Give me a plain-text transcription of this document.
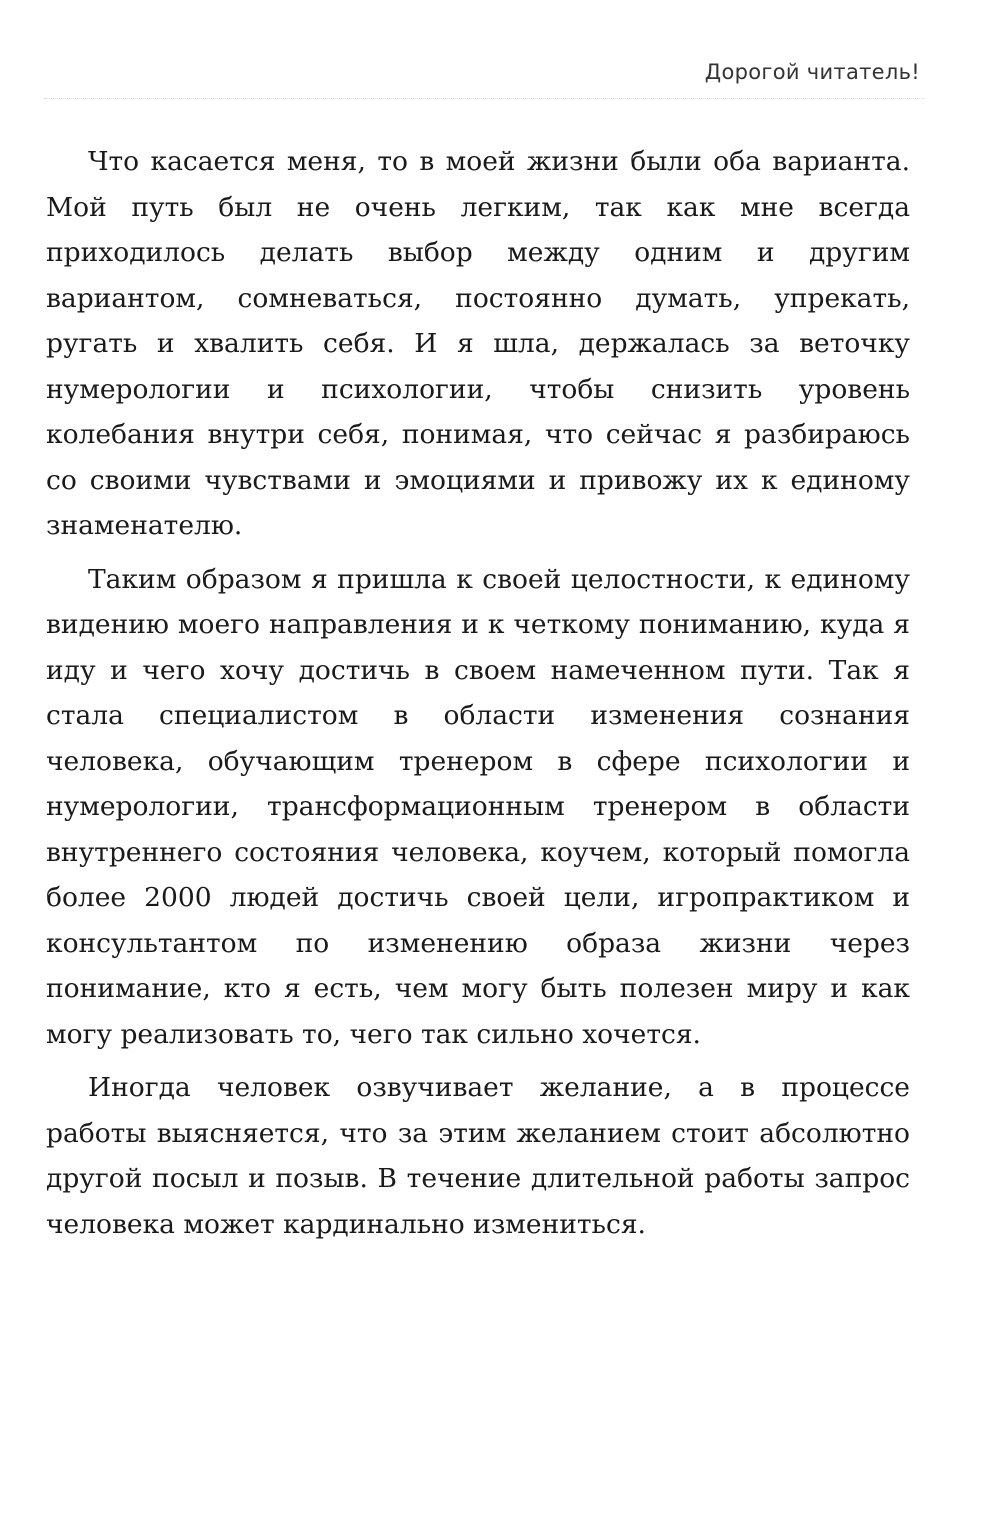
Дорогой читатель!

Что касается меня, то в моей жизни были оба варианта. Мой путь был не очень легким, так как мне всегда приходилось делать выбор между одним и другим вариантом, сомневаться, постоянно думать, упрекать, ругать и хвалить себя. И я шла, держалась за веточку нумерологии и психологии, чтобы снизить уровень колебания внутри себя, понимая, что сейчас я разбираюсь со своими чувствами и эмоциями и привожу их к единому знаменателю.

Таким образом я пришла к своей целостности, к единому видению моего направления и к четкому пониманию, куда я иду и чего хочу достичь в своем намеченном пути. Так я стала специалистом в области изменения сознания человека, обучающим тренером в сфере психологии и нумерологии, трансформационным тренером в области внутреннего состояния человека, коучем, который помогла более 2000 людей достичь своей цели, игропрактиком и консультантом по изменению образа жизни через понимание, кто я есть, чем могу быть полезен миру и как могу реализовать то, чего так сильно хочется.

Иногда человек озвучивает желание, а в процессе работы выясняется, что за этим желанием стоит абсолютно другой посыл и позыв. В течение длительной работы запрос человека может кардинально измениться.
